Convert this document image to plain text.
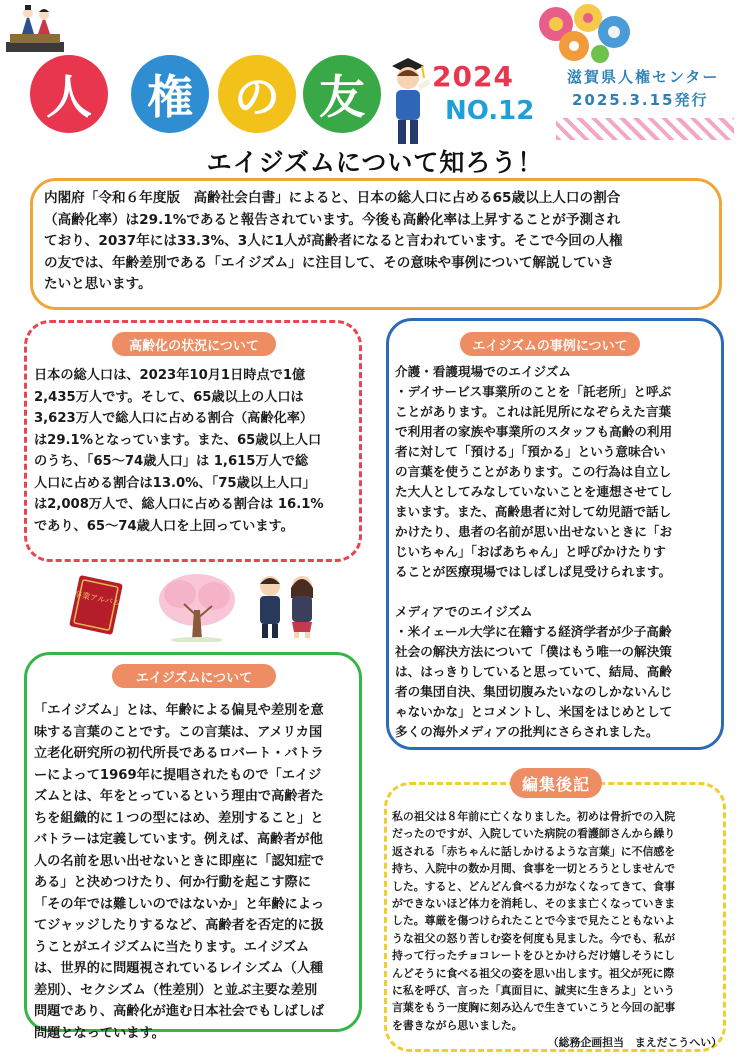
人	権 の 友	2024
NO.12
滋賀県人権センター
2025.3.15発行
エイジズムについて知ろう！
内閣府「令和６年度版　高齢社会白書」によると、日本の総人口に占める65歳以上人口の割合
（高齢化率）は29.1%であると報告されています。今後も高齢化率は上昇することが予測され
ており、2037年には33.3%、3人に1人が高齢者になると言われています。そこで今回の人権
の友では、年齢差別である「エイジズム」に注目して、その意味や事例について解説していき
たいと思います。
高齢化の状況について
日本の総人口は、2023年10月1日時点で1億
2,435万人です。そして、65歳以上の人口は
3,623万人で総人口に占める割合（高齢化率）
は29.1%となっています。また、65歳以上人口
のうち、「65～74歳人口」は 1,615万人で総
人口に占める割合は13.0%、「75歳以上人口」
は2,008万人で、総人口に占める割合は 16.1%
であり、65～74歳人口を上回っています。
卒業アルバム
エイジズムについて
「エイジズム」とは、年齢による偏見や差別を意
味する言葉のことです。この言葉は、アメリカ国
立老化研究所の初代所長であるロバート・バトラ
ーによって1969年に提唱されたもので「エイジ
ズムとは、年をとっているという理由で高齢者た
ちを組織的に１つの型にはめ、差別すること」と
バトラーは定義しています。例えば、高齢者が他
人の名前を思い出せないときに即座に「認知症で
ある」と決めつけたり、何か行動を起こす際に
「その年では難しいのではないか」と年齢によっ
てジャッジしたりするなど、高齢者を否定的に扱
うことがエイジズムに当たります。エイジズム
は、世界的に問題視されているレイシズム（人種
差別）、セクシズム（性差別）と並ぶ主要な差別
問題であり、高齢化が進む日本社会でもしばしば
問題となっています。
エイジズムの事例について
介護・看護現場でのエイジズム
・デイサービス事業所のことを「託老所」と呼ぶ
ことがあります。これは託児所になぞらえた言葉
で利用者の家族や事業所のスタッフも高齢の利用
者に対して「預ける」「預かる」という意味合い
の言葉を使うことがあります。この行為は自立し
た大人としてみなしていないことを連想させてし
まいます。また、高齢患者に対して幼児語で話し
かけたり、患者の名前が思い出せないときに「お
じいちゃん」「おばあちゃん」と呼びかけたりす
ることが医療現場ではしばしば見受けられます。
メディアでのエイジズム
・米イェール大学に在籍する経済学者が少子高齢
社会の解決方法について「僕はもう唯一の解決策
は、はっきりしていると思っていて、結局、高齢
者の集団自決、集団切腹みたいなのしかないんじ
ゃないかな」とコメントし、米国をはじめとして
多くの海外メディアの批判にさらされました。
編集後記
私の祖父は８年前に亡くなりました。初めは骨折での入院
だったのですが、入院していた病院の看護師さんから繰り
返される「赤ちゃんに話しかけるような言葉」に不信感を
持ち、入院中の数か月間、食事を一切とろうとしませんで
した。すると、どんどん食べる力がなくなってきて、食事
ができないほど体力を消耗し、そのまま亡くなっていきま
した。尊厳を傷つけられたことで今まで見たこともないよ
うな祖父の怒り苦しむ姿を何度も見ました。今でも、私が
持って行ったチョコレートをひとかけらだけ嬉しそうにし
んどそうに食べる祖父の姿を思い出します。祖父が死に際
に私を呼び、言った「真面目に、誠実に生きろよ」という
言葉をもう一度胸に刻み込んで生きていこうと今回の記事
を書きながら思いました。
（総務企画担当　まえだこうへい）
